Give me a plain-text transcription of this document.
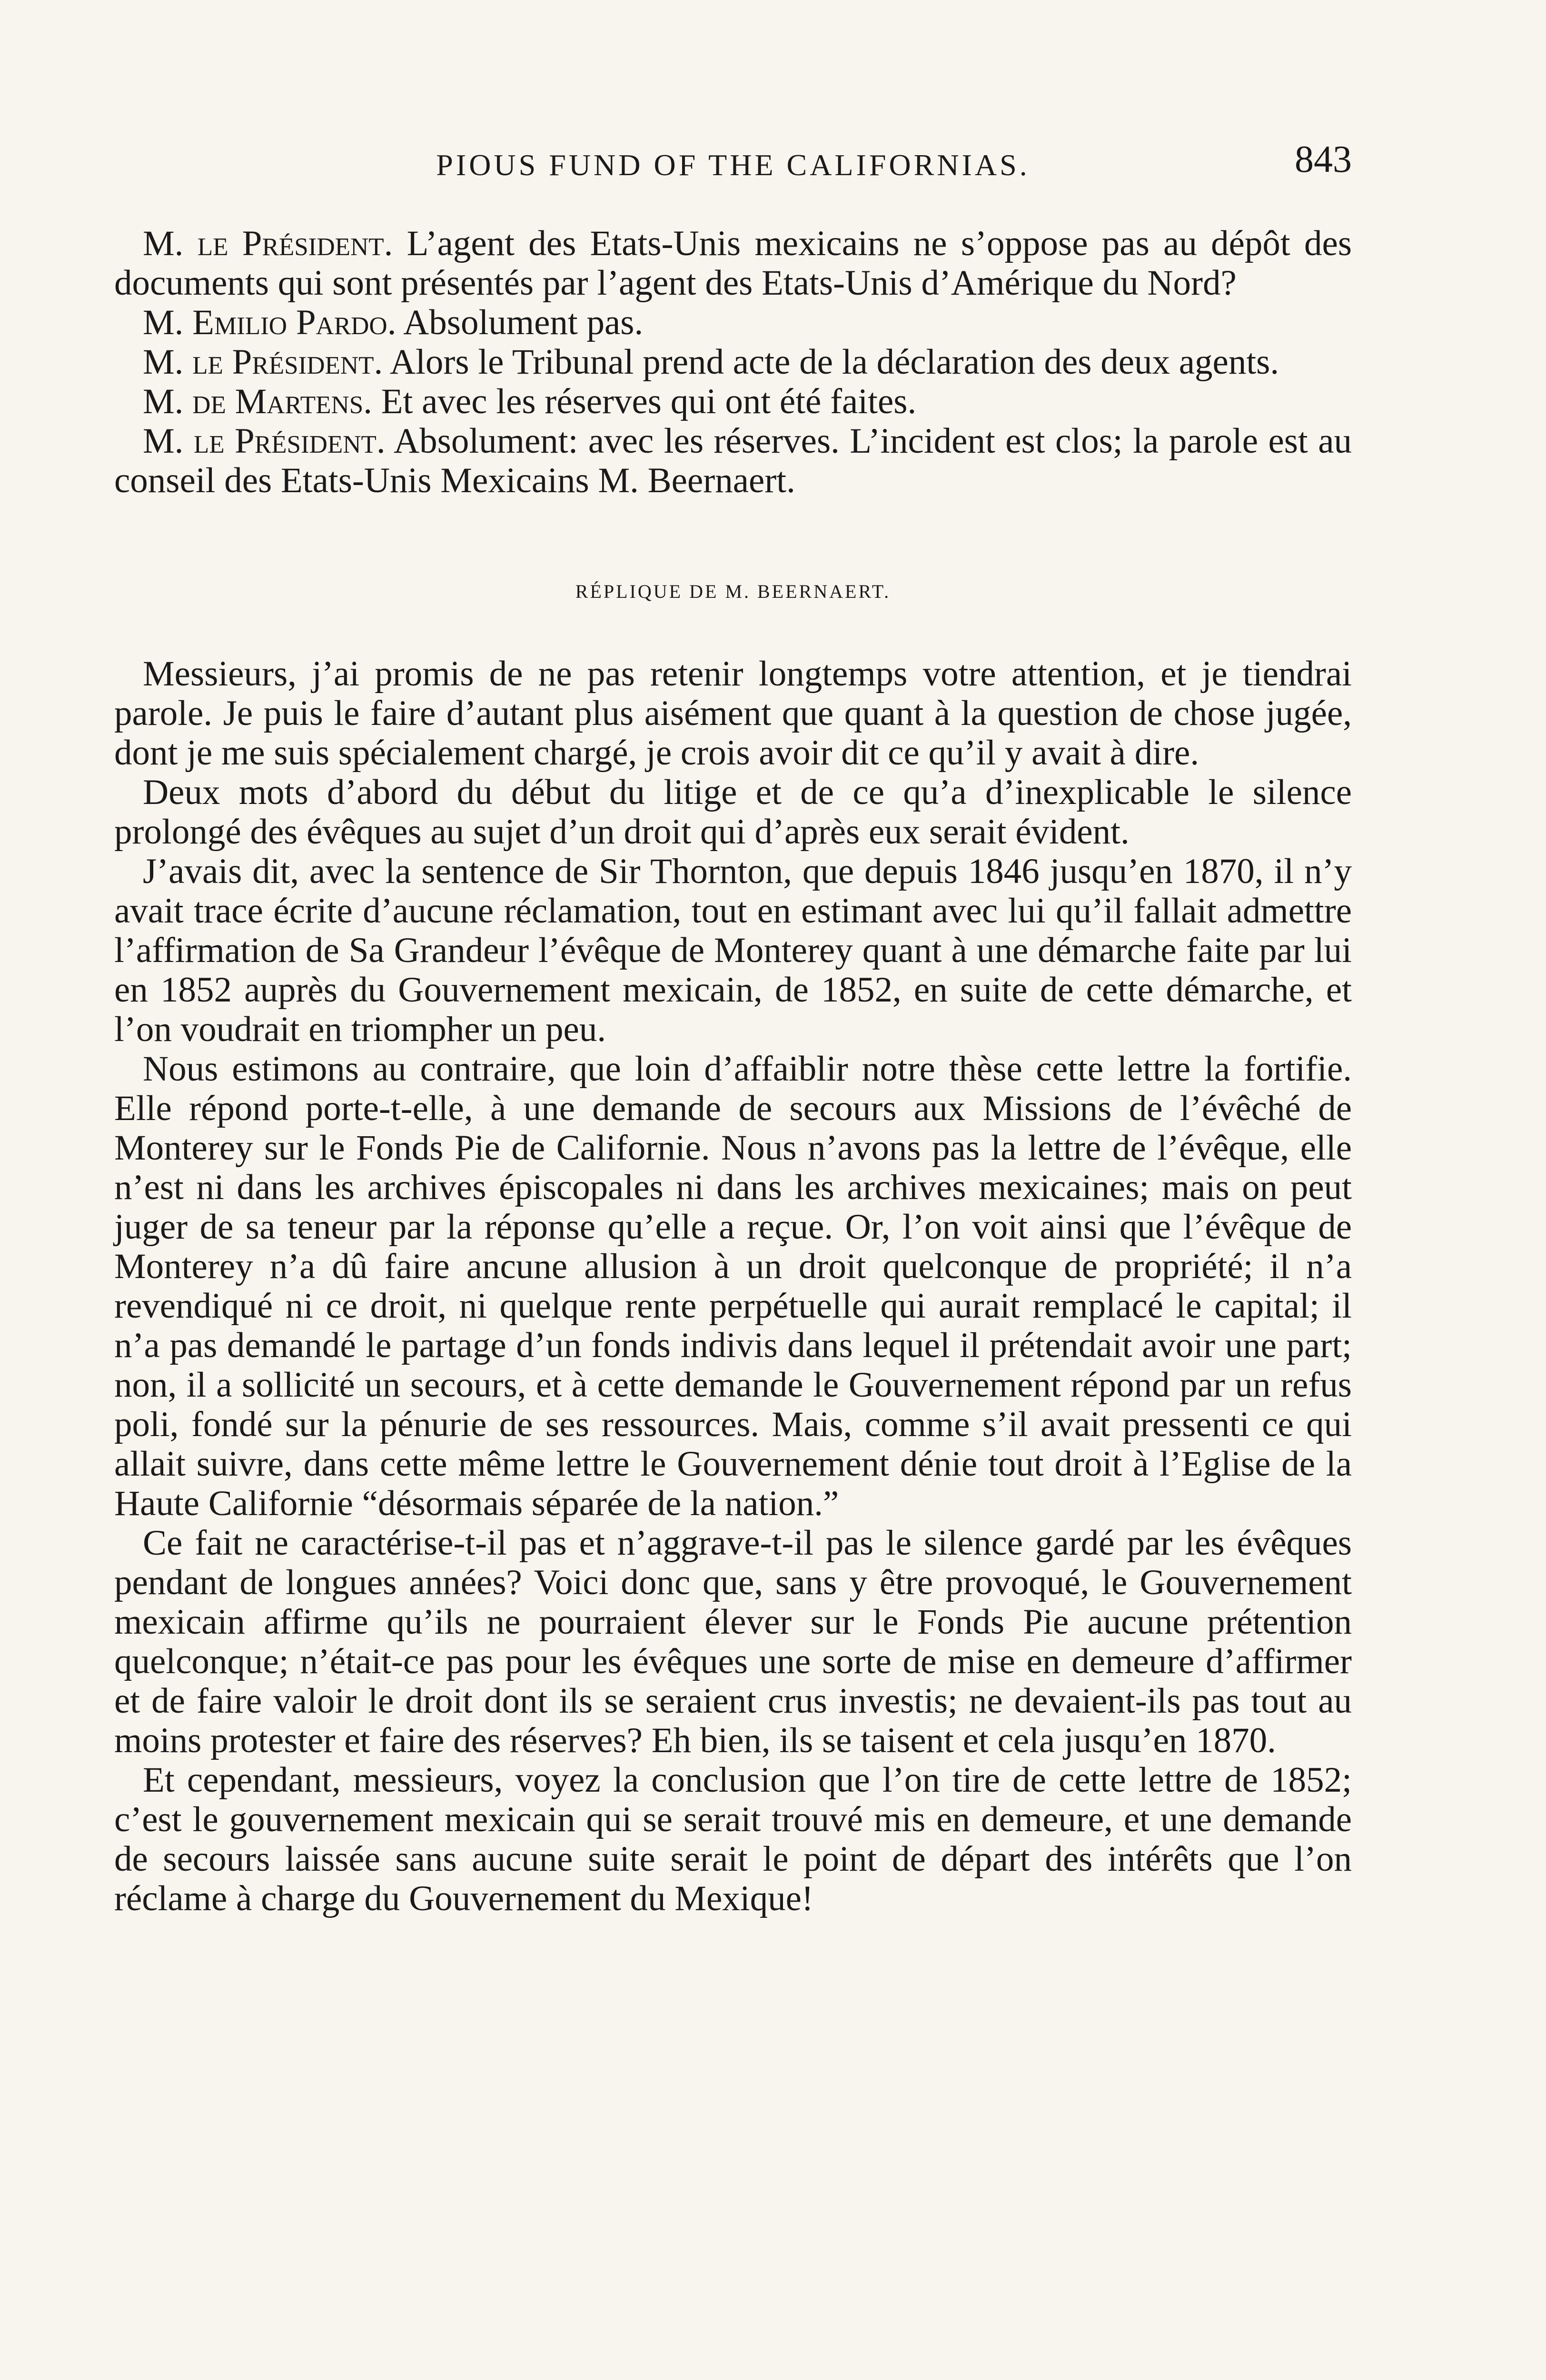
PIOUS FUND OF THE CALIFORNIAS.	843

M. le Président. L’agent des Etats-Unis mexicains ne s’oppose pas au dépôt des documents qui sont présentés par l’agent des Etats-Unis d’Amérique du Nord?

M. Emilio Pardo. Absolument pas.

M. le Président. Alors le Tribunal prend acte de la déclaration des deux agents.

M. de Martens. Et avec les réserves qui ont été faites.

M. le Président. Absolument: avec les réserves. L’incident est clos; la parole est au conseil des Etats-Unis Mexicains M. Beernaert.

RÉPLIQUE DE M. BEERNAERT.

Messieurs, j’ai promis de ne pas retenir longtemps votre attention, et je tiendrai parole. Je puis le faire d’autant plus aisément que quant à la question de chose jugée, dont je me suis spécialement chargé, je crois avoir dit ce qu’il y avait à dire.

Deux mots d’abord du début du litige et de ce qu’a d’inexplicable le silence prolongé des évêques au sujet d’un droit qui d’après eux serait évident.

J’avais dit, avec la sentence de Sir Thornton, que depuis 1846 jusqu’en 1870, il n’y avait trace écrite d’aucune réclamation, tout en estimant avec lui qu’il fallait admettre l’affirmation de Sa Grandeur l’évêque de Monterey quant à une démarche faite par lui en 1852 auprès du Gouvernement mexicain, de 1852, en suite de cette démarche, et l’on voudrait en triompher un peu.

Nous estimons au contraire, que loin d’affaiblir notre thèse cette lettre la fortifie. Elle répond porte-t-elle, à une demande de secours aux Missions de l’évêché de Monterey sur le Fonds Pie de Californie. Nous n’avons pas la lettre de l’évêque, elle n’est ni dans les archives épiscopales ni dans les archives mexicaines; mais on peut juger de sa teneur par la réponse qu’elle a reçue. Or, l’on voit ainsi que l’évêque de Monterey n’a dû faire ancune allusion à un droit quelconque de propriété; il n’a revendiqué ni ce droit, ni quelque rente perpétuelle qui aurait remplacé le capital; il n’a pas demandé le partage d’un fonds indivis dans lequel il prétendait avoir une part; non, il a sollicité un secours, et à cette demande le Gouvernement répond par un refus poli, fondé sur la pénurie de ses ressources. Mais, comme s’il avait pressenti ce qui allait suivre, dans cette même lettre le Gouvernement dénie tout droit à l’Eglise de la Haute Californie “désormais séparée de la nation.”

Ce fait ne caractérise-t-il pas et n’aggrave-t-il pas le silence gardé par les évêques pendant de longues années? Voici donc que, sans y être provoqué, le Gouvernement mexicain affirme qu’ils ne pourraient élever sur le Fonds Pie aucune prétention quelconque; n’était-ce pas pour les évêques une sorte de mise en demeure d’affirmer et de faire valoir le droit dont ils se seraient crus investis; ne devaient-ils pas tout au moins protester et faire des réserves? Eh bien, ils se taisent et cela jusqu’en 1870.

Et cependant, messieurs, voyez la conclusion que l’on tire de cette lettre de 1852; c’est le gouvernement mexicain qui se serait trouvé mis en demeure, et une demande de secours laissée sans aucune suite serait le point de départ des intérêts que l’on réclame à charge du Gouvernement du Mexique!
